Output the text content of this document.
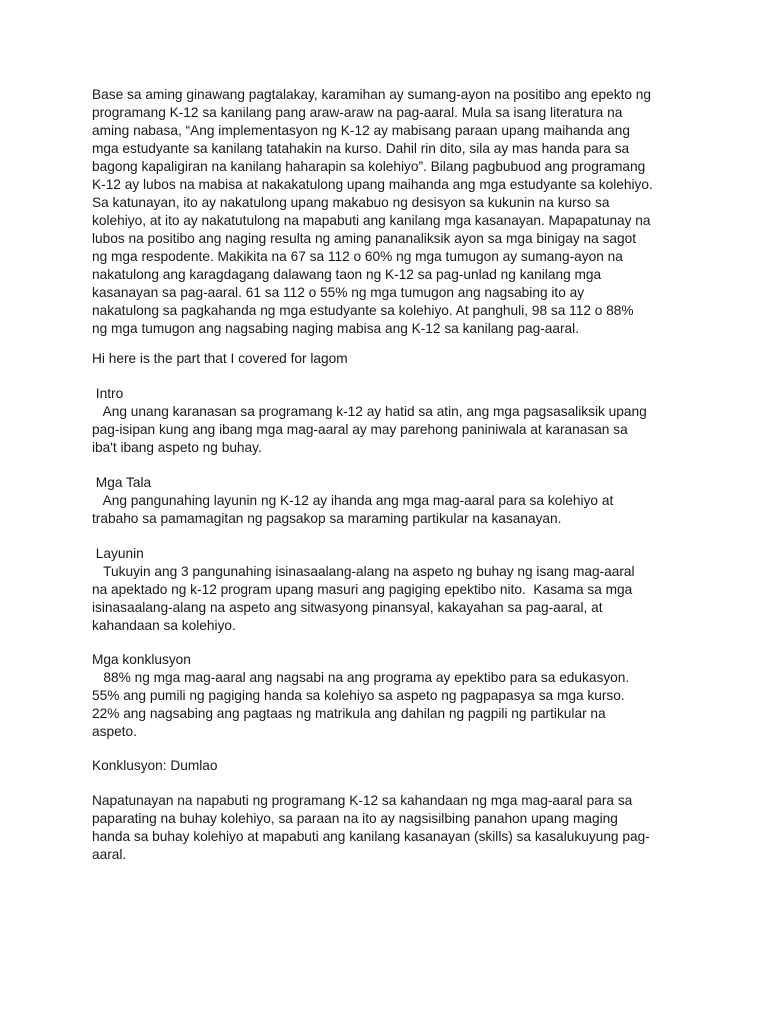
Base sa aming ginawang pagtalakay, karamihan ay sumang-ayon na positibo ang epekto ng
programang K-12 sa kanilang pang araw-araw na pag-aaral. Mula sa isang literatura na
aming nabasa, “Ang implementasyon ng K-12 ay mabisang paraan upang maihanda ang
mga estudyante sa kanilang tatahakin na kurso. Dahil rin dito, sila ay mas handa para sa
bagong kapaligiran na kanilang haharapin sa kolehiyo”. Bilang pagbubuod ang programang
K-12 ay lubos na mabisa at nakakatulong upang maihanda ang mga estudyante sa kolehiyo.
Sa katunayan, ito ay nakatulong upang makabuo ng desisyon sa kukunin na kurso sa
kolehiyo, at ito ay nakatutulong na mapabuti ang kanilang mga kasanayan. Mapapatunay na
lubos na positibo ang naging resulta ng aming pananaliksik ayon sa mga binigay na sagot
ng mga respodente. Makikita na 67 sa 112 o 60% ng mga tumugon ay sumang-ayon na
nakatulong ang karagdagang dalawang taon ng K-12 sa pag-unlad ng kanilang mga
kasanayan sa pag-aaral. 61 sa 112 o 55% ng mga tumugon ang nagsabing ito ay
nakatulong sa pagkahanda ng mga estudyante sa kolehiyo. At panghuli, 98 sa 112 o 88%
ng mga tumugon ang nagsabing naging mabisa ang K-12 sa kanilang pag-aaral.
Hi here is the part that I covered for lagom
Intro
Ang unang karanasan sa programang k-12 ay hatid sa atin, ang mga pagsasaliksik upang
pag-isipan kung ang ibang mga mag-aaral ay may parehong paniniwala at karanasan sa
iba't ibang aspeto ng buhay.
Mga Tala
Ang pangunahing layunin ng K-12 ay ihanda ang mga mag-aaral para sa kolehiyo at
trabaho sa pamamagitan ng pagsakop sa maraming partikular na kasanayan.
Layunin
Tukuyin ang 3 pangunahing isinasaalang-alang na aspeto ng buhay ng isang mag-aaral
na apektado ng k-12 program upang masuri ang pagiging epektibo nito.  Kasama sa mga
isinasaalang-alang na aspeto ang sitwasyong pinansyal, kakayahan sa pag-aaral, at
kahandaan sa kolehiyo.
Mga konklusyon
88% ng mga mag-aaral ang nagsabi na ang programa ay epektibo para sa edukasyon.
55% ang pumili ng pagiging handa sa kolehiyo sa aspeto ng pagpapasya sa mga kurso.
22% ang nagsabing ang pagtaas ng matrikula ang dahilan ng pagpili ng partikular na
aspeto.
Konklusyon: Dumlao
Napatunayan na napabuti ng programang K-12 sa kahandaan ng mga mag-aaral para sa
paparating na buhay kolehiyo, sa paraan na ito ay nagsisilbing panahon upang maging
handa sa buhay kolehiyo at mapabuti ang kanilang kasanayan (skills) sa kasalukuyung pag-
aaral.
